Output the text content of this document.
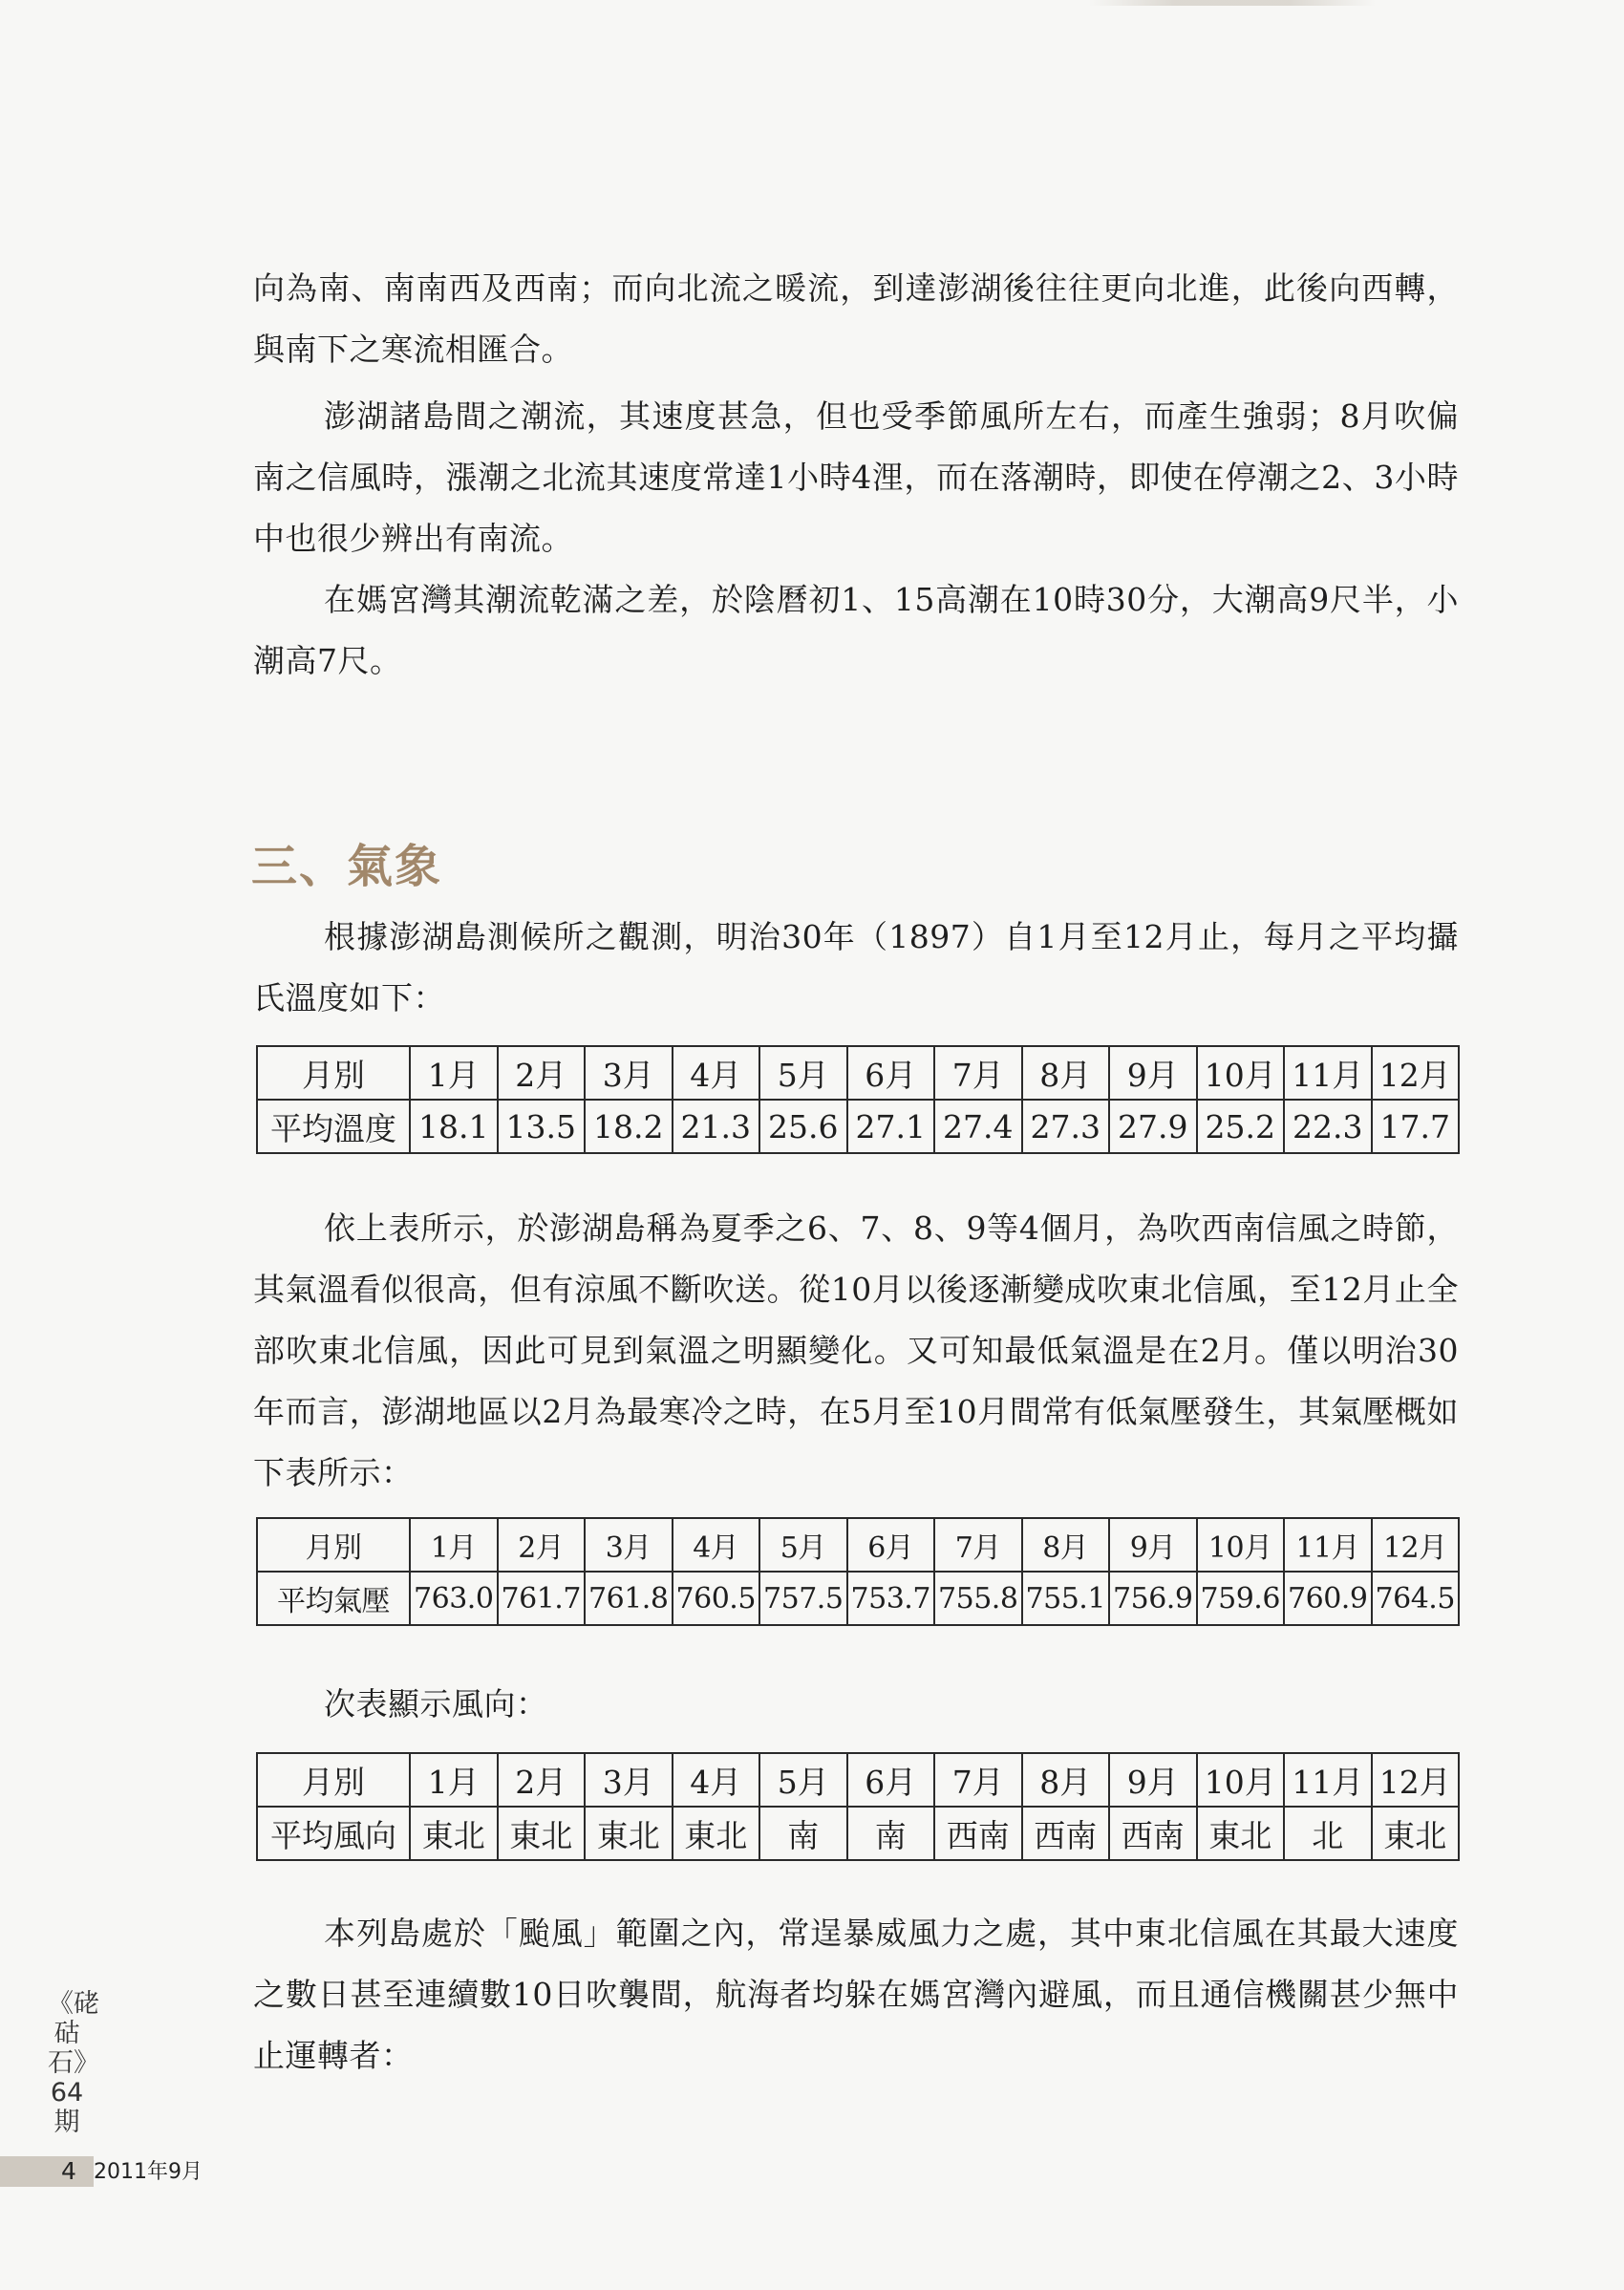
向為南、南南西及西南；而向北流之暖流，到達澎湖後往往更向北進，此後向西轉，與南下之寒流相匯合。

澎湖諸島間之潮流，其速度甚急，但也受季節風所左右，而產生強弱；8月吹偏南之信風時，漲潮之北流其速度常達1小時4浬，而在落潮時，即使在停潮之2、3小時中也很少辨出有南流。

在媽宮灣其潮流乾滿之差，於陰曆初1、15高潮在10時30分，大潮高9尺半，小潮高7尺。

三、氣象

根據澎湖島測候所之觀測，明治30年（1897）自1月至12月止，每月之平均攝氏溫度如下：

月別	1月	2月	3月	4月	5月	6月	7月	8月	9月	10月	11月	12月
平均溫度	18.1	13.5	18.2	21.3	25.6	27.1	27.4	27.3	27.9	25.2	22.3	17.7

依上表所示，於澎湖島稱為夏季之6、7、8、9等4個月，為吹西南信風之時節，其氣溫看似很高，但有涼風不斷吹送。從10月以後逐漸變成吹東北信風，至12月止全部吹東北信風，因此可見到氣溫之明顯變化。又可知最低氣溫是在2月。僅以明治30年而言，澎湖地區以2月為最寒冷之時，在5月至10月間常有低氣壓發生，其氣壓概如下表所示：

月別	1月	2月	3月	4月	5月	6月	7月	8月	9月	10月	11月	12月
平均氣壓	763.0	761.7	761.8	760.5	757.5	753.7	755.8	755.1	756.9	759.6	760.9	764.5

次表顯示風向：

月別	1月	2月	3月	4月	5月	6月	7月	8月	9月	10月	11月	12月
平均風向	東北	東北	東北	東北	南	南	西南	西南	西南	東北	北	東北

本列島處於「颱風」範圍之內，常逞暴威風力之處，其中東北信風在其最大速度之數日甚至連續數10日吹襲間，航海者均躲在媽宮灣內避風，而且通信機關甚少無中止運轉者：

《硓𥑮石》64期
4 2011年9月
